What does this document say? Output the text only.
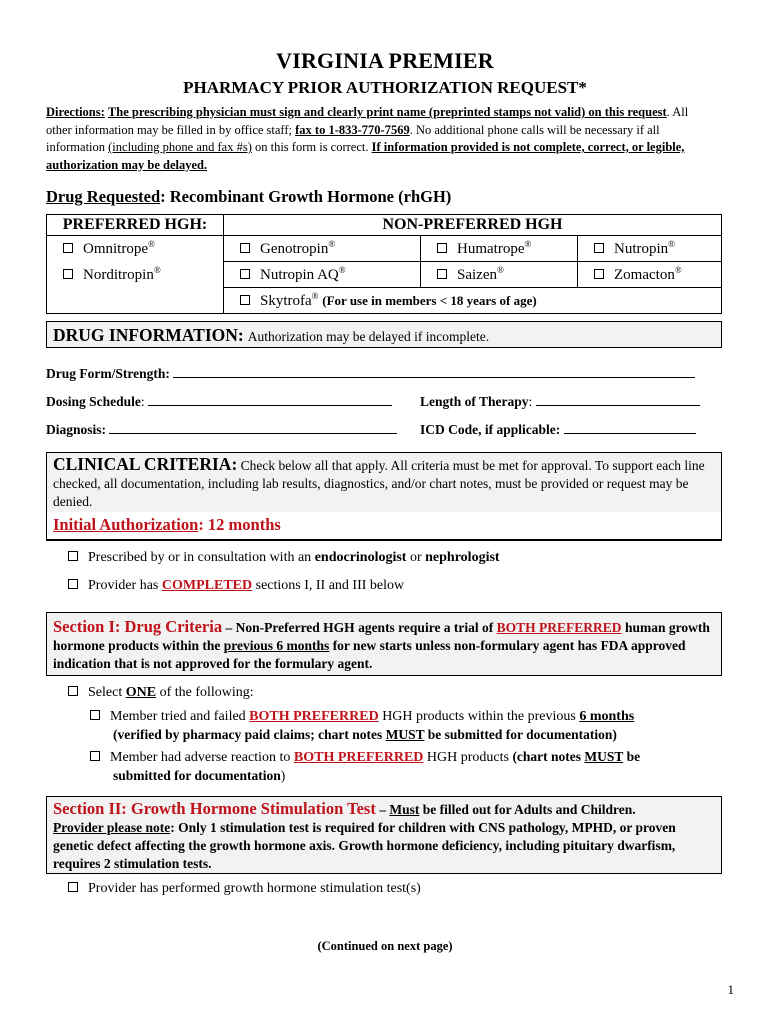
VIRGINIA PREMIER
PHARMACY PRIOR AUTHORIZATION REQUEST*
Directions: The prescribing physician must sign and clearly print name (preprinted stamps not valid) on this request. All other information may be filled in by office staff; fax to 1-833-770-7569. No additional phone calls will be necessary if all information (including phone and fax #s) on this form is correct. If information provided is not complete, correct, or legible, authorization may be delayed.
Drug Requested: Recombinant Growth Hormone (rhGH)
PREFERRED HGH:	NON-PREFERRED HGH		
Omnitrope®	Genotropin®	Humatrope®	Nutropin®
Norditropin®	Nutropin AQ®	Saizen®	Zomacton®
	Skytrofa® (For use in members < 18 years of age)		
DRUG INFORMATION: Authorization may be delayed if incomplete.
Drug Form/Strength:
Dosing Schedule:	Length of Therapy:
Diagnosis:	ICD Code, if applicable:
CLINICAL CRITERIA: Check below all that apply. All criteria must be met for approval. To support each line checked, all documentation, including lab results, diagnostics, and/or chart notes, must be provided or request may be denied.
Initial Authorization: 12 months
Prescribed by or in consultation with an endocrinologist or nephrologist
Provider has COMPLETED sections I, II and III below
Section I: Drug Criteria – Non-Preferred HGH agents require a trial of BOTH PREFERRED human growth hormone products within the previous 6 months for new starts unless non-formulary agent has FDA approved indication that is not approved for the formulary agent.
Select ONE of the following:
Member tried and failed BOTH PREFERRED HGH products within the previous 6 months
(verified by pharmacy paid claims; chart notes MUST be submitted for documentation)
Member had adverse reaction to BOTH PREFERRED HGH products (chart notes MUST be
submitted for documentation)
Section II: Growth Hormone Stimulation Test – Must be filled out for Adults and Children.
Provider please note: Only 1 stimulation test is required for children with CNS pathology, MPHD, or proven genetic defect affecting the growth hormone axis. Growth hormone deficiency, including pituitary dwarfism, requires 2 stimulation tests.
Provider has performed growth hormone stimulation test(s)
(Continued on next page)
1
